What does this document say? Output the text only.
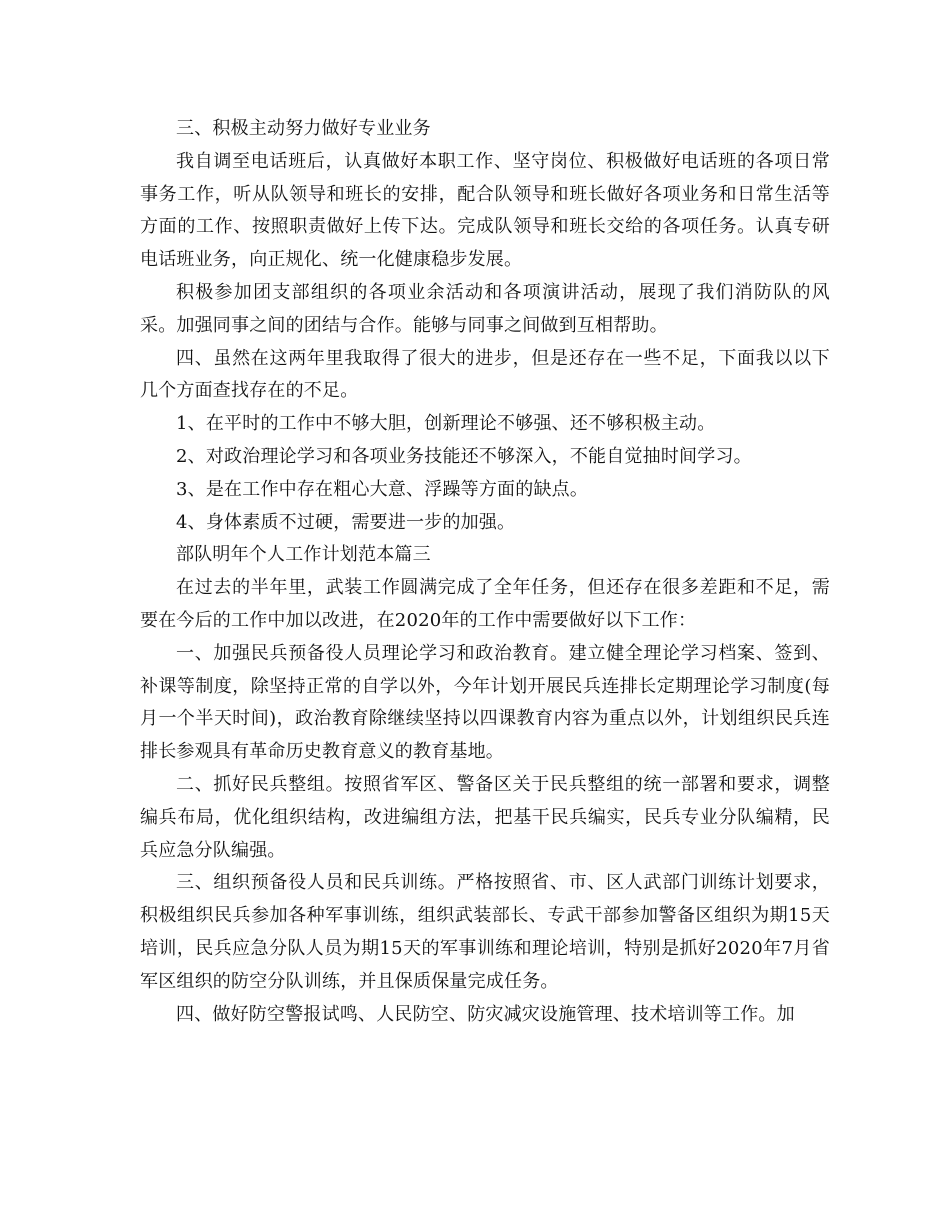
三、积极主动努力做好专业业务

我自调至电话班后，认真做好本职工作、坚守岗位、积极做好电话班的各项日常事务工作，听从队领导和班长的安排，配合队领导和班长做好各项业务和日常生活等方面的工作、按照职责做好上传下达。完成队领导和班长交给的各项任务。认真专研电话班业务，向正规化、统一化健康稳步发展。

积极参加团支部组织的各项业余活动和各项演讲活动，展现了我们消防队的风采。加强同事之间的团结与合作。能够与同事之间做到互相帮助。

四、虽然在这两年里我取得了很大的进步，但是还存在一些不足，下面我以以下几个方面查找存在的不足。

1、在平时的工作中不够大胆，创新理论不够强、还不够积极主动。

2、对政治理论学习和各项业务技能还不够深入，不能自觉抽时间学习。

3、是在工作中存在粗心大意、浮躁等方面的缺点。

4、身体素质不过硬，需要进一步的加强。

部队明年个人工作计划范本篇三

在过去的半年里，武装工作圆满完成了全年任务，但还存在很多差距和不足，需要在今后的工作中加以改进，在2020年的工作中需要做好以下工作：

一、加强民兵预备役人员理论学习和政治教育。建立健全理论学习档案、签到、补课等制度，除坚持正常的自学以外，今年计划开展民兵连排长定期理论学习制度(每月一个半天时间)，政治教育除继续坚持以四课教育内容为重点以外，计划组织民兵连排长参观具有革命历史教育意义的教育基地。

二、抓好民兵整组。按照省军区、警备区关于民兵整组的统一部署和要求，调整编兵布局，优化组织结构，改进编组方法，把基干民兵编实，民兵专业分队编精，民兵应急分队编强。

三、组织预备役人员和民兵训练。严格按照省、市、区人武部门训练计划要求，积极组织民兵参加各种军事训练，组织武装部长、专武干部参加警备区组织为期15天培训，民兵应急分队人员为期15天的军事训练和理论培训，特别是抓好2020年7月省军区组织的防空分队训练，并且保质保量完成任务。

四、做好防空警报试鸣、人民防空、防灾减灾设施管理、技术培训等工作。加
